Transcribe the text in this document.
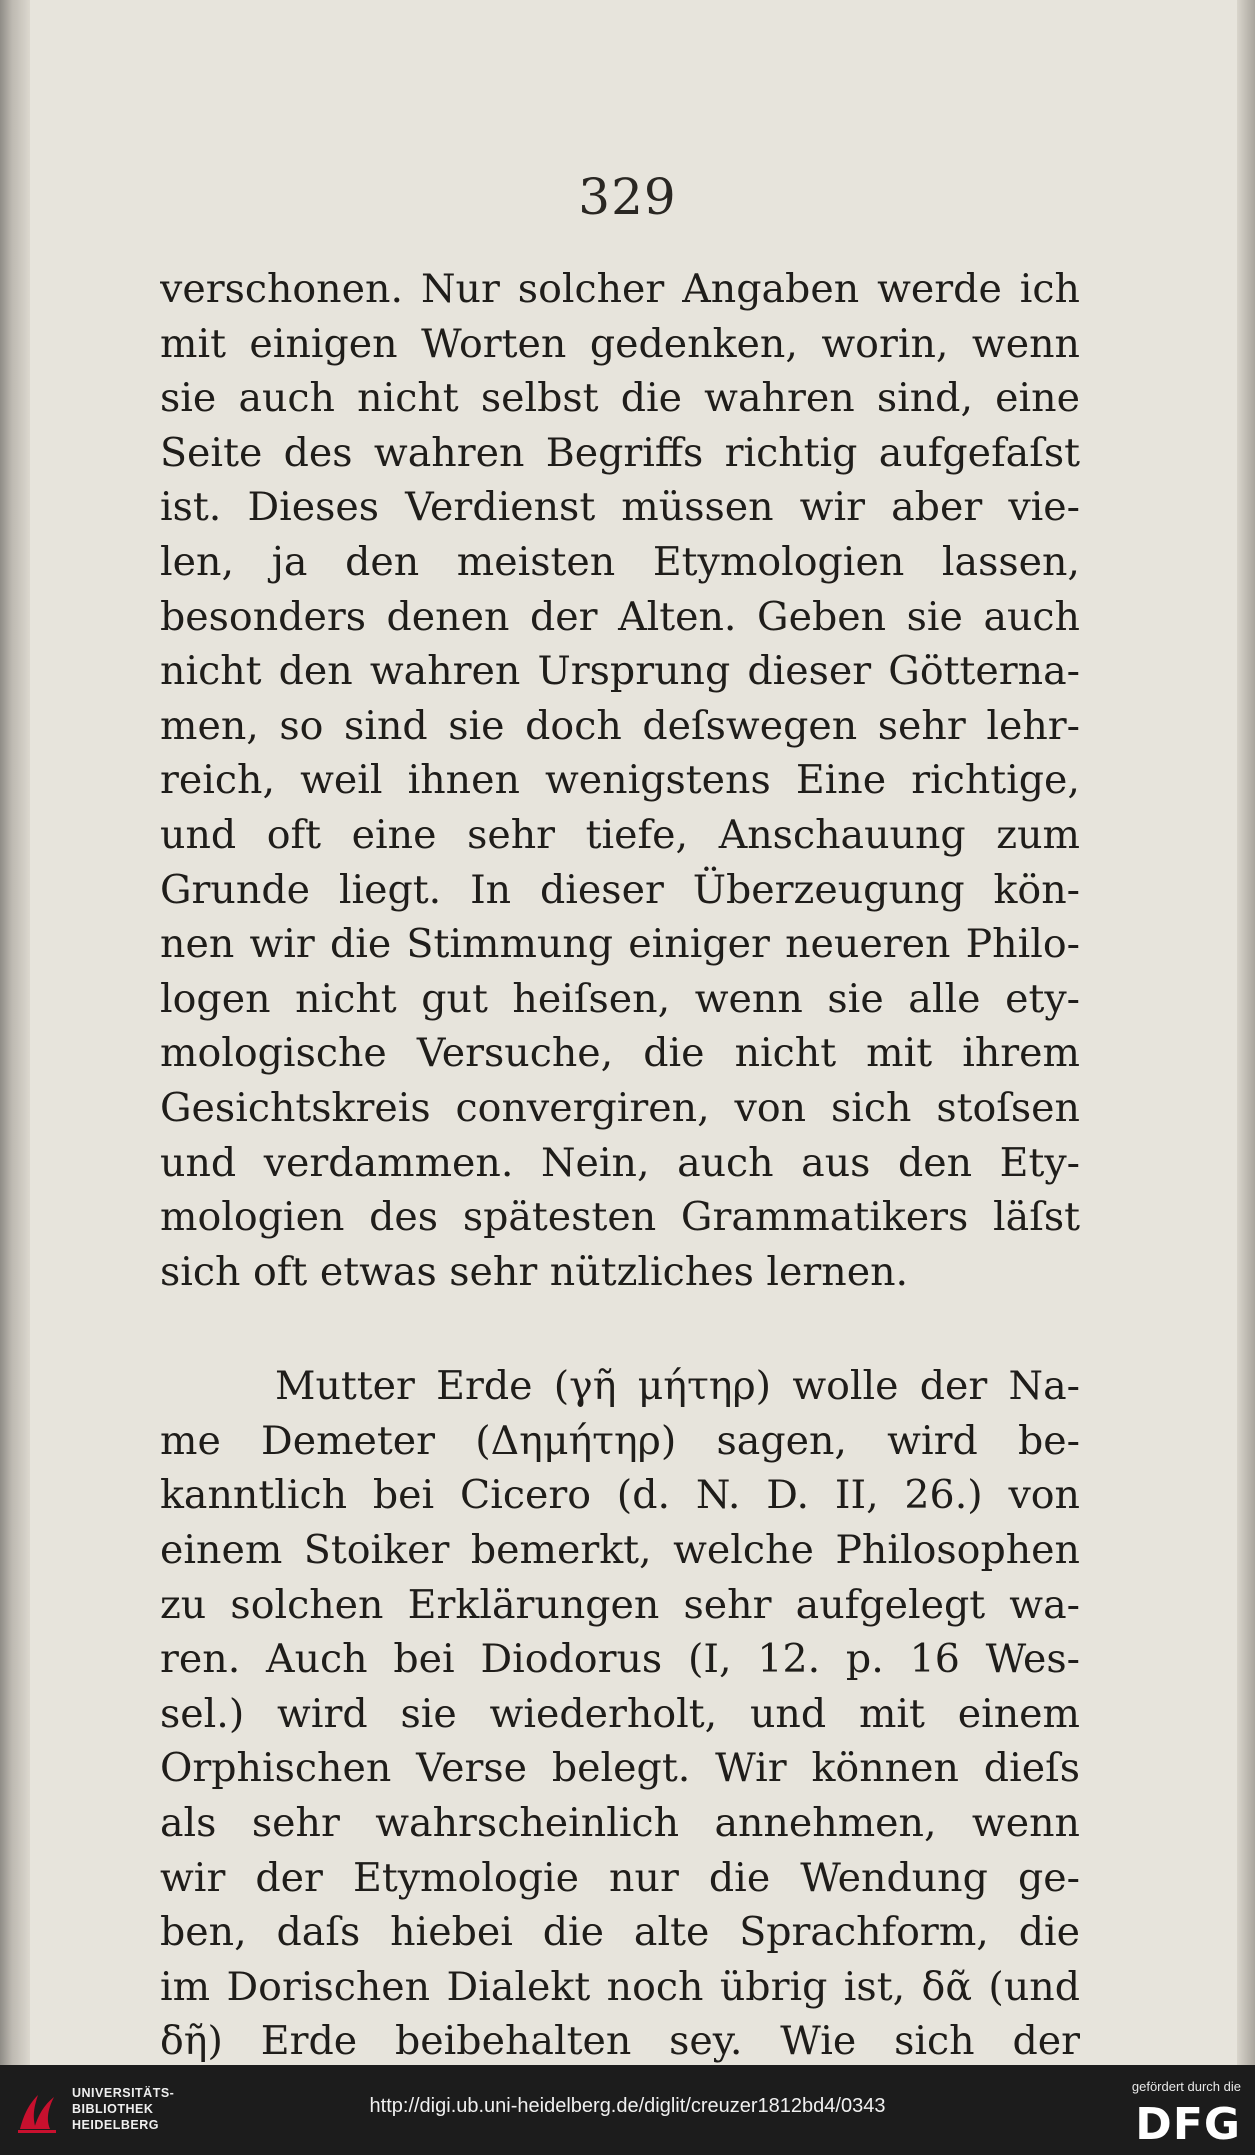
329
verschonen. Nur solcher Angaben werde ich
mit einigen Worten gedenken, worin, wenn
sie auch nicht selbst die wahren sind, eine
Seite des wahren Begriffs richtig aufgefaſst
ist. Dieses Verdienst müssen wir aber vie-
len, ja den meisten Etymologien lassen,
besonders denen der Alten. Geben sie auch
nicht den wahren Ursprung dieser Götterna-
men, so sind sie doch deſswegen sehr lehr-
reich, weil ihnen wenigstens Eine richtige,
und oft eine sehr tiefe, Anschauung zum
Grunde liegt. In dieser Überzeugung kön-
nen wir die Stimmung einiger neueren Philo-
logen nicht gut heiſsen, wenn sie alle ety-
mologische Versuche, die nicht mit ihrem
Gesichtskreis convergiren, von sich stoſsen
und verdammen. Nein, auch aus den Ety-
mologien des spätesten Grammatikers läſst
sich oft etwas sehr nützliches lernen.
Mutter Erde (γῆ μήτηρ) wolle der Na-
me Demeter (Δημήτηρ) sagen, wird be-
kanntlich bei Cicero (d. N. D. II, 26.) von
einem Stoiker bemerkt, welche Philosophen
zu solchen Erklärungen sehr aufgelegt wa-
ren. Auch bei Diodorus (I, 12. p. 16 Wes-
sel.) wird sie wiederholt, und mit einem
Orphischen Verse belegt. Wir können dieſs
als sehr wahrscheinlich annehmen, wenn
wir der Etymologie nur die Wendung ge-
ben, daſs hiebei die alte Sprachform, die
im Dorischen Dialekt noch übrig ist, δᾶ (und
δῆ) Erde beibehalten sey. Wie sich der
UNIVERSITÄTS-
BIBLIOTHEK
HEIDELBERG
http://digi.ub.uni-heidelberg.de/diglit/creuzer1812bd4/0343
gefördert durch die
DFG
